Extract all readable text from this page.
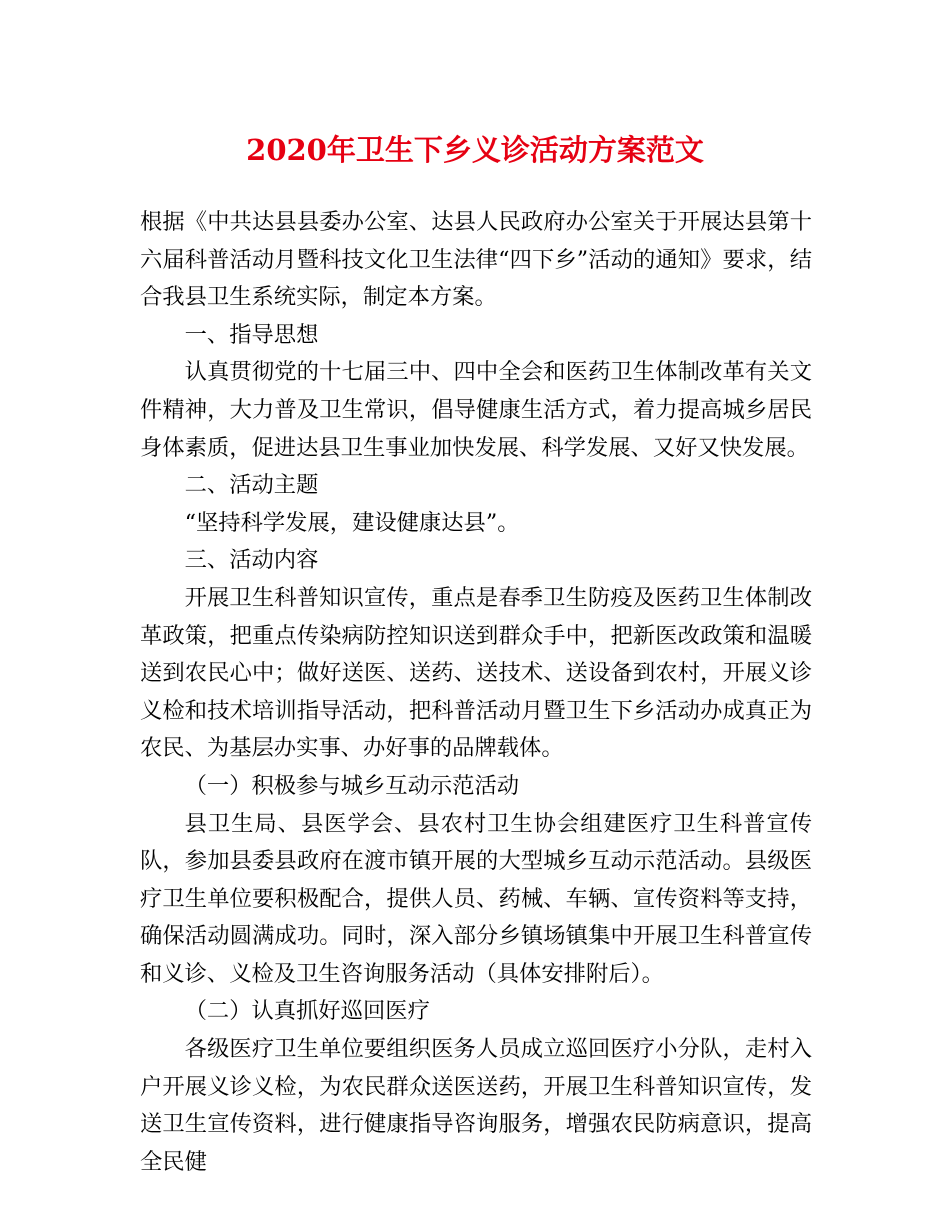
2020年卫生下乡义诊活动方案范文

根据《中共达县县委办公室、达县人民政府办公室关于开展达县第十六届科普活动月暨科技文化卫生法律“四下乡”活动的通知》要求，结合我县卫生系统实际，制定本方案。

一、指导思想

认真贯彻党的十七届三中、四中全会和医药卫生体制改革有关文件精神，大力普及卫生常识，倡导健康生活方式，着力提高城乡居民身体素质，促进达县卫生事业加快发展、科学发展、又好又快发展。

二、活动主题

“坚持科学发展，建设健康达县”。

三、活动内容

开展卫生科普知识宣传，重点是春季卫生防疫及医药卫生体制改革政策，把重点传染病防控知识送到群众手中，把新医改政策和温暖送到农民心中；做好送医、送药、送技术、送设备到农村，开展义诊义检和技术培训指导活动，把科普活动月暨卫生下乡活动办成真正为农民、为基层办实事、办好事的品牌载体。

（一）积极参与城乡互动示范活动

县卫生局、县医学会、县农村卫生协会组建医疗卫生科普宣传队，参加县委县政府在渡市镇开展的大型城乡互动示范活动。县级医疗卫生单位要积极配合，提供人员、药械、车辆、宣传资料等支持，确保活动圆满成功。同时，深入部分乡镇场镇集中开展卫生科普宣传和义诊、义检及卫生咨询服务活动（具体安排附后）。

（二）认真抓好巡回医疗

各级医疗卫生单位要组织医务人员成立巡回医疗小分队，走村入户开展义诊义检，为农民群众送医送药，开展卫生科普知识宣传，发送卫生宣传资料，进行健康指导咨询服务，增强农民防病意识，提高全民健
